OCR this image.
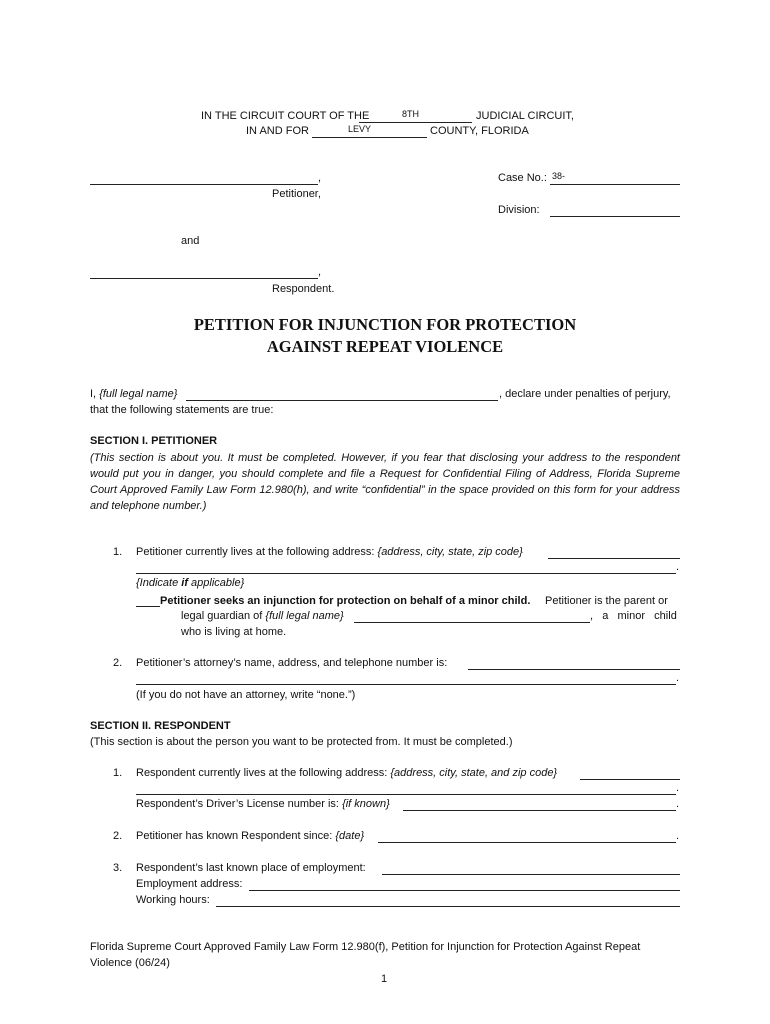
IN THE CIRCUIT COURT OF THE	8TH	JUDICIAL CIRCUIT,
IN AND FOR	LEVY	COUNTY, FLORIDA
,
Petitioner,
Case No.: 38-
Division:
and
,
Respondent.
PETITION FOR INJUNCTION FOR PROTECTION
AGAINST REPEAT VIOLENCE
I, {full legal name}	, declare under penalties of perjury,
that the following statements are true:
SECTION I. PETITIONER
(This section is about you. It must be completed. However, if you fear that disclosing your address to the respondent would put you in danger, you should complete and file a Request for Confidential Filing of Address, Florida Supreme Court Approved Family Law Form 12.980(h), and write “confidential” in the space provided on this form for your address and telephone number.)
1. Petitioner currently lives at the following address: {address, city, state, zip code}
.
{Indicate if applicable}
Petitioner seeks an injunction for protection on behalf of a minor child. Petitioner is the parent or
legal guardian of {full legal name}	,   a   minor   child
who is living at home.
2. Petitioner’s attorney’s name, address, and telephone number is:
.
(If you do not have an attorney, write “none.”)
SECTION II. RESPONDENT
(This section is about the person you want to be protected from. It must be completed.)
1. Respondent currently lives at the following address: {address, city, state, and zip code}
.
Respondent’s Driver’s License number is: {if known}	.
2. Petitioner has known Respondent since: {date}	.
3. Respondent’s last known place of employment:
Employment address:
Working hours:
Florida Supreme Court Approved Family Law Form 12.980(f), Petition for Injunction for Protection Against Repeat
Violence (06/24)
1
